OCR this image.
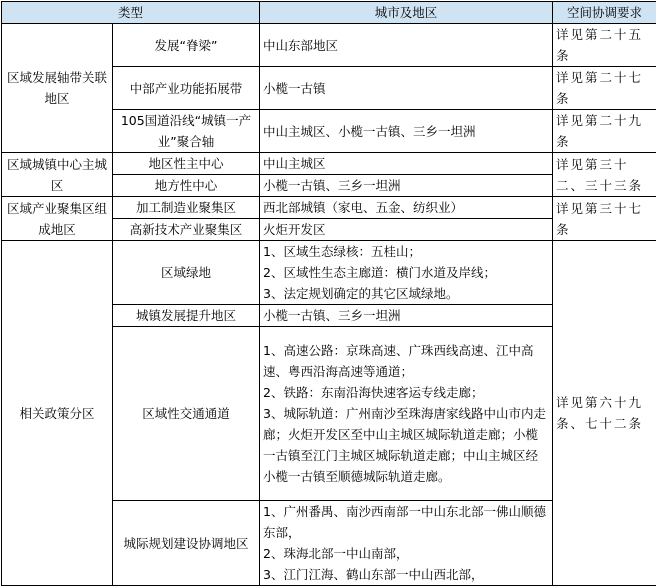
类型		城市及地区	空间协调要求
区域发展轴带关联地区	发展“脊梁”	中山东部地区	详见第二十五条
	中部产业功能拓展带	小榄一古镇	详见第二十七条
	105国道沿线“城镇一产业”聚合轴	中山主城区、小榄一古镇、三乡一坦洲	详见第二十九条
区域城镇中心主城区	地区性主中心	中山主城区	详见第三十二、三十三条
	地方性中心	小榄一古镇、三乡一坦洲	
区域产业聚集区组成地区	加工制造业聚集区	西北部城镇（家电、五金、纺织业）	详见第三十七条
	高新技术产业聚集区	火炬开发区	
相关政策分区	区域绿地	1、区域生态绿核：五桂山；
2、区域性生态主廊道：横门水道及岸线；
3、法定规划确定的其它区域绿地。	详见第六十九条、七十二条
	城镇发展提升地区	小榄一古镇、三乡一坦洲	
	区域性交通通道	1、高速公路：京珠高速、广珠西线高速、江中高速、粤西沿海高速等通道；
2、铁路：东南沿海快速客运专线走廊；
3、城际轨道：广州南沙至珠海唐家线路中山市内走廊；火炬开发区至中山主城区城际轨道走廊；小榄一古镇至江门主城区城际轨道走廊；中山主城区经小榄一古镇至顺德城际轨道走廊。	

	城际规划建设协调地区	1、广州番禺、南沙西南部一中山东北部一佛山顺德东部，
2、珠海北部一中山南部，
3、江门江海、鹤山东部一中山西北部，	
